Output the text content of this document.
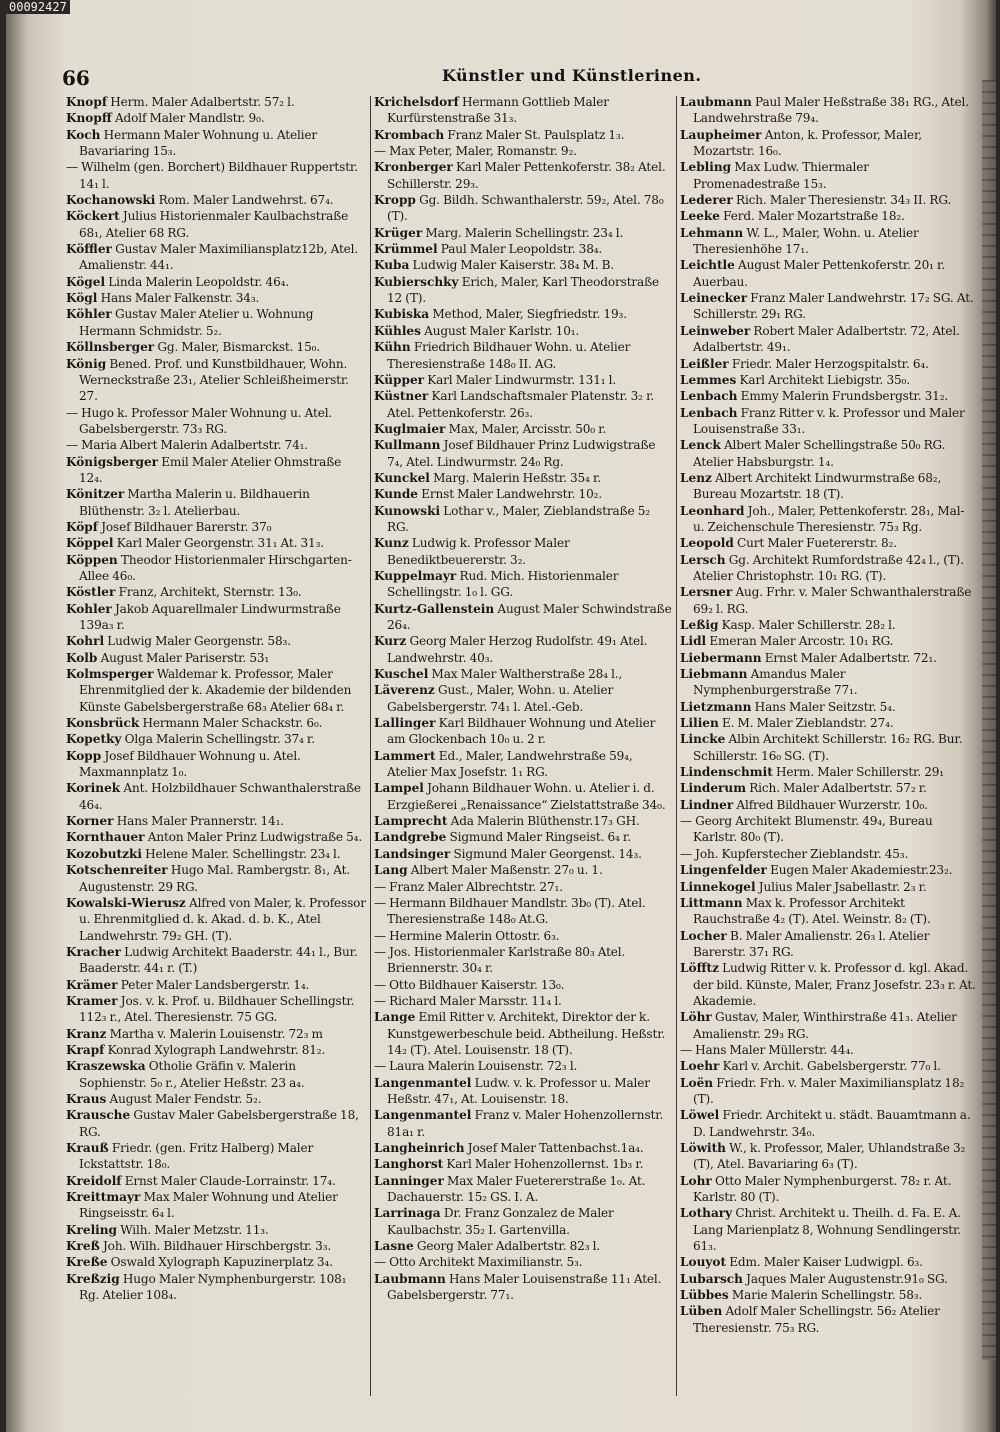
00092427
66	Künstler und Künstlerinen.

Knopf Herm. Maler Adalbertstr. 57₂ l.

Knopff Adolf Maler Mandlstr. 9₀.

Koch Hermann Maler Wohnung u. Atelier Bavariaring 15₃.

— Wilhelm (gen. Borchert) Bildhauer Ruppertstr. 14₁ l.

Kochanowski Rom. Maler Landwehrst. 67₄.

Köckert Julius Historienmaler Kaulbachstraße 68₁, Atelier 68 RG.

Köffler Gustav Maler Maximiliansplatz12b, Atel. Amalienstr. 44₁.

Kögel Linda Malerin Leopoldstr. 46₄.

Kögl Hans Maler Falkenstr. 34₃.

Köhler Gustav Maler Atelier u. Wohnung Hermann Schmidstr. 5₂.

Köllnsberger Gg. Maler, Bismarckst. 15₀.

König Bened. Prof. und Kunstbildhauer, Wohn. Werneckstraße 23₁, Atelier Schleißheimerstr. 27.

— Hugo k. Professor Maler Wohnung u. Atel. Gabelsbergerstr. 73₃ RG.

— Maria Albert Malerin Adalbertstr. 74₁.

Königsberger Emil Maler Atelier Ohmstraße 12₄.

Könitzer Martha Malerin u. Bildhauerin Blüthenstr. 3₂ l. Atelierbau.

Köpf Josef Bildhauer Barerstr. 37₀

Köppel Karl Maler Georgenstr. 31₁ At. 31₃.

Köppen Theodor Historienmaler Hirschgarten-Allee 46₀.

Köstler Franz, Architekt, Sternstr. 13₀.

Kohler Jakob Aquarellmaler Lindwurmstraße 139a₃ r.

Kohrl Ludwig Maler Georgenstr. 58₃.

Kolb August Maler Pariserstr. 53₁

Kolmsperger Waldemar k. Professor, Maler Ehrenmitglied der k. Akademie der bildenden Künste Gabelsbergerstraße 68₃ Atelier 68₄ r.

Konsbrück Hermann Maler Schackstr. 6₀.

Kopetky Olga Malerin Schellingstr. 37₄ r.

Kopp Josef Bildhauer Wohnung u. Atel. Maxmannplatz 1₀.

Korinek Ant. Holzbildhauer Schwanthalerstraße 46₄.

Korner Hans Maler Prannerstr. 14₁.

Kornthauer Anton Maler Prinz Ludwigstraße 5₄.

Kozobutzki Helene Maler. Schellingstr. 23₄ l.

Kotschenreiter Hugo Mal. Rambergstr. 8₁, At. Augustenstr. 29 RG.

Kowalski-Wierusz Alfred von Maler, k. Professor u. Ehrenmitglied d. k. Akad. d. b. K., Atel Landwehrstr. 79₂ GH. (T).

Kracher Ludwig Architekt Baaderstr. 44₁ l., Bur. Baaderstr. 44₁ r. (T.)

Krämer Peter Maler Landsbergerstr. 1₄.

Kramer Jos. v. k. Prof. u. Bildhauer Schellingstr. 112₃ r., Atel. Theresienstr. 75 GG.

Kranz Martha v. Malerin Louisenstr. 72₃ m

Krapf Konrad Xylograph Landwehrstr. 81₂.

Kraszewska Otholie Gräfin v. Malerin Sophienstr. 5₀ r., Atelier Heßstr. 23 a₄.

Kraus August Maler Fendstr. 5₂.

Krausche Gustav Maler Gabelsbergerstraße 18, RG.

Krauß Friedr. (gen. Fritz Halberg) Maler Ickstattstr. 18₀.

Kreidolf Ernst Maler Claude-Lorrainstr. 17₄.

Kreittmayr Max Maler Wohnung und Atelier Ringseisstr. 6₄ l.

Kreling Wilh. Maler Metzstr. 11₃.

Kreß Joh. Wilh. Bildhauer Hirschbergstr. 3₃.

Kreße Oswald Xylograph Kapuzinerplatz 3₄.

Kreßzig Hugo Maler Nymphenburgerstr. 108₁ Rg. Atelier 108₄.

Krichelsdorf Hermann Gottlieb Maler Kurfürstenstraße 31₃.

Krombach Franz Maler St. Paulsplatz 1₃.

— Max Peter, Maler, Romanstr. 9₂.

Kronberger Karl Maler Pettenkoferstr. 38₂ Atel. Schillerstr. 29₃.

Kropp Gg. Bildh. Schwanthalerstr. 59₂, Atel. 78₀ (T).

Krüger Marg. Malerin Schellingstr. 23₄ l.

Krümmel Paul Maler Leopoldstr. 38₄.

Kuba Ludwig Maler Kaiserstr. 38₄ M. B.

Kubierschky Erich, Maler, Karl Theodorstraße 12 (T).

Kubiska Method, Maler, Siegfriedstr. 19₃.

Kühles August Maler Karlstr. 10₁.

Kühn Friedrich Bildhauer Wohn. u. Atelier Theresienstraße 148₀ II. AG.

Küpper Karl Maler Lindwurmstr. 131₁ l.

Küstner Karl Landschaftsmaler Platenstr. 3₂ r. Atel. Pettenkoferstr. 26₃.

Kuglmaier Max, Maler, Arcisstr. 50₀ r.

Kullmann Josef Bildhauer Prinz Ludwigstraße 7₄, Atel. Lindwurmstr. 24₀ Rg.

Kunckel Marg. Malerin Heßstr. 35₄ r.

Kunde Ernst Maler Landwehrstr. 10₂.

Kunowski Lothar v., Maler, Zieblandstraße 5₂ RG.

Kunz Ludwig k. Professor Maler Benediktbeuererstr. 3₂.

Kuppelmayr Rud. Mich. Historienmaler Schellingstr. 1₀ l. GG.

Kurtz-Gallenstein August Maler Schwindstraße 26₄.

Kurz Georg Maler Herzog Rudolfstr. 49₁ Atel. Landwehrstr. 40₃.

Kuschel Max Maler Waltherstraße 28₄ l.,

Läverenz Gust., Maler, Wohn. u. Atelier Gabelsbergerstr. 74₁ l. Atel.-Geb.

Lallinger Karl Bildhauer Wohnung und Atelier am Glockenbach 10₀ u. 2 r.

Lammert Ed., Maler, Landwehrstraße 59₄, Atelier Max Josefstr. 1₁ RG.

Lampel Johann Bildhauer Wohn. u. Atelier i. d. Erzgießerei „Renaissance“ Zielstattstraße 34₀.

Lamprecht Ada Malerin Blüthenstr.17₃ GH.

Landgrebe Sigmund Maler Ringseist. 6₄ r.

Landsinger Sigmund Maler Georgenst. 14₃.

Lang Albert Maler Maßenstr. 27₀ u. 1.

— Franz Maler Albrechtstr. 27₁.

— Hermann Bildhauer Mandlstr. 3b₀ (T). Atel. Theresienstraße 148₀ At.G.

— Hermine Malerin Ottostr. 6₃.

— Jos. Historienmaler Karlstraße 80₃ Atel. Briennerstr. 30₄ r.

— Otto Bildhauer Kaiserstr. 13₀.

— Richard Maler Marsstr. 11₄ l.

Lange Emil Ritter v. Architekt, Direktor der k. Kunstgewerbeschule beid. Abtheilung. Heßstr. 14₂ (T). Atel. Louisenstr. 18 (T).

— Laura Malerin Louisenstr. 72₃ l.

Langenmantel Ludw. v. k. Professor u. Maler Heßstr. 47₁, At. Louisenstr. 18.

Langenmantel Franz v. Maler Hohenzollernstr. 81a₁ r.

Langheinrich Josef Maler Tattenbachst.1a₄.

Langhorst Karl Maler Hohenzollernst. 1b₃ r.

Lanninger Max Maler Fuetererstraße 1₀. At. Dachauerstr. 15₂ GS. I. A.

Larrinaga Dr. Franz Gonzalez de Maler Kaulbachstr. 35₂ I. Gartenvilla.

Lasne Georg Maler Adalbertstr. 82₃ l.

— Otto Architekt Maximilianstr. 5₃.

Laubmann Hans Maler Louisenstraße 11₁ Atel. Gabelsbergerstr. 77₁.

Laubmann Paul Maler Heßstraße 38₁ RG., Atel. Landwehrstraße 79₄.

Laupheimer Anton, k. Professor, Maler, Mozartstr. 16₀.

Lebling Max Ludw. Thiermaler Promenadestraße 15₃.

Lederer Rich. Maler Theresienstr. 34₃ II. RG.

Leeke Ferd. Maler Mozartstraße 18₂.

Lehmann W. L., Maler, Wohn. u. Atelier Theresienhöhe 17₁.

Leichtle August Maler Pettenkoferstr. 20₁ r. Auerbau.

Leinecker Franz Maler Landwehrstr. 17₂ SG. At. Schillerstr. 29₁ RG.

Leinweber Robert Maler Adalbertstr. 72, Atel. Adalbertstr. 49₁.

Leißler Friedr. Maler Herzogspitalstr. 6₄.

Lemmes Karl Architekt Liebigstr. 35₀.

Lenbach Emmy Malerin Frundsbergstr. 31₂.

Lenbach Franz Ritter v. k. Professor und Maler Louisenstraße 33₁.

Lenck Albert Maler Schellingstraße 50₀ RG. Atelier Habsburgstr. 1₄.

Lenz Albert Architekt Lindwurmstraße 68₂, Bureau Mozartstr. 18 (T).

Leonhard Joh., Maler, Pettenkoferstr. 28₁, Mal- u. Zeichenschule Theresienstr. 75₃ Rg.

Leopold Curt Maler Fuetererstr. 8₂.

Lersch Gg. Architekt Rumfordstraße 42₄ l., (T). Atelier Christophstr. 10₁ RG. (T).

Lersner Aug. Frhr. v. Maler Schwanthalerstraße 69₂ l. RG.

Leßig Kasp. Maler Schillerstr. 28₂ l.

Lidl Emeran Maler Arcostr. 10₁ RG.

Liebermann Ernst Maler Adalbertstr. 72₁.

Liebmann Amandus Maler Nymphenburgerstraße 77₁.

Lietzmann Hans Maler Seitzstr. 5₄.

Lilien E. M. Maler Zieblandstr. 27₄.

Lincke Albin Architekt Schillerstr. 16₂ RG. Bur. Schillerstr. 16₀ SG. (T).

Lindenschmit Herm. Maler Schillerstr. 29₁

Linderum Rich. Maler Adalbertstr. 57₂ r.

Lindner Alfred Bildhauer Wurzerstr. 10₀.

— Georg Architekt Blumenstr. 49₄, Bureau Karlstr. 80₀ (T).

— Joh. Kupferstecher Zieblandstr. 45₃.

Lingenfelder Eugen Maler Akademiestr.23₂.

Linnekogel Julius Maler Jsabellastr. 2₃ r.

Littmann Max k. Professor Architekt Rauchstraße 4₂ (T). Atel. Weinstr. 8₂ (T).

Locher B. Maler Amalienstr. 26₃ l. Atelier Barerstr. 37₁ RG.

Löfftz Ludwig Ritter v. k. Professor d. kgl. Akad. der bild. Künste, Maler, Franz Josefstr. 23₃ r. At. Akademie.

Löhr Gustav, Maler, Winthirstraße 41₃. Atelier Amalienstr. 29₃ RG.

— Hans Maler Müllerstr. 44₄.

Loehr Karl v. Archit. Gabelsbergerstr. 77₀ l.

Loën Friedr. Frh. v. Maler Maximiliansplatz 18₂ (T).

Löwel Friedr. Architekt u. städt. Bauamtmann a. D. Landwehrstr. 34₀.

Löwith W., k. Professor, Maler, Uhlandstraße 3₂ (T), Atel. Bavariaring 6₃ (T).

Lohr Otto Maler Nymphenburgerst. 78₂ r. At. Karlstr. 80 (T).

Lothary Christ. Architekt u. Theilh. d. Fa. E. A. Lang Marienplatz 8, Wohnung Sendlingerstr. 61₃.

Louyot Edm. Maler Kaiser Ludwigpl. 6₃.

Lubarsch Jaques Maler Augustenstr.91₀ SG.

Lübbes Marie Malerin Schellingstr. 58₃.

Lüben Adolf Maler Schellingstr. 56₂ Atelier Theresienstr. 75₃ RG.
